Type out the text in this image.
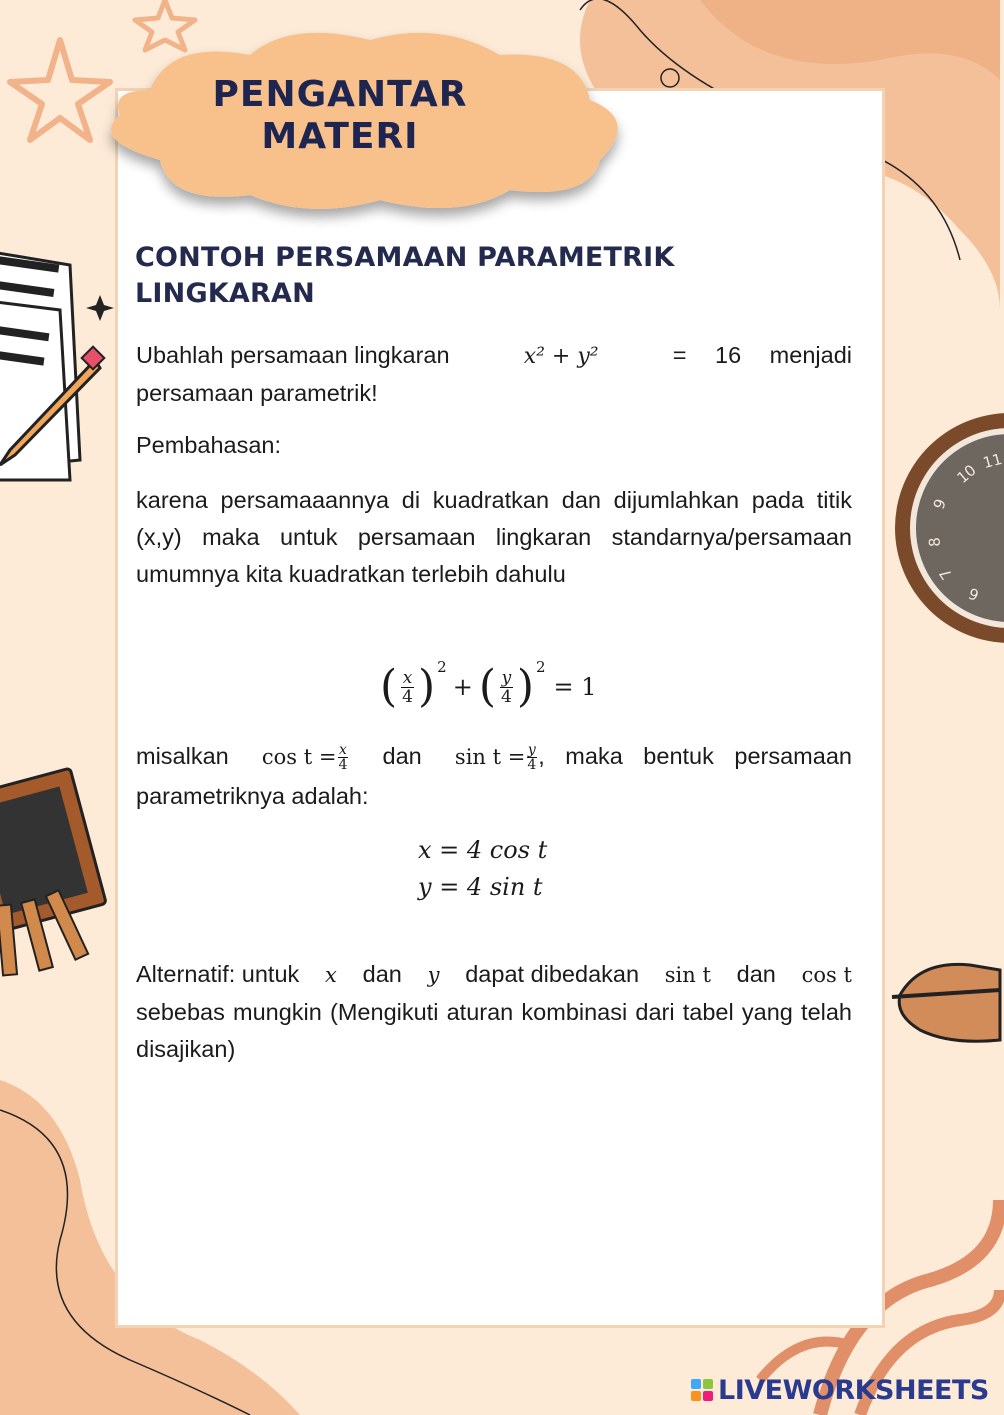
10 11
9
8
7
6
PENGANTAR
MATERI
CONTOH PERSAMAAN PARAMETRIK
LINGKARAN
Ubahlah persamaan lingkaran	x² + y²	= 16 menjadi
persamaan parametrik!
Pembahasan:
karena persamaaannya di kuadratkan dan dijumlahkan pada titik (x,y) maka untuk persamaan lingkaran standarnya/persamaan umumnya kita kuadratkan terlebih dahulu
( $\frac{x}{4}$ ) 2
+ ( $\frac{y}{4}$ ) 2
= 1
misalkan $\cos t = \frac{x}{4}$ dan $\sin t = \frac{y}{4}$ , maka bentuk persamaan
parametriknya adalah:
x = 4 cos t
y = 4 sin t
Alternatif: untuk x dan y dapat dibedakan sin t dan cos t
sebebas mungkin (Mengikuti aturan kombinasi dari tabel yang telah disajikan)
LIVEWORKSHEETS
